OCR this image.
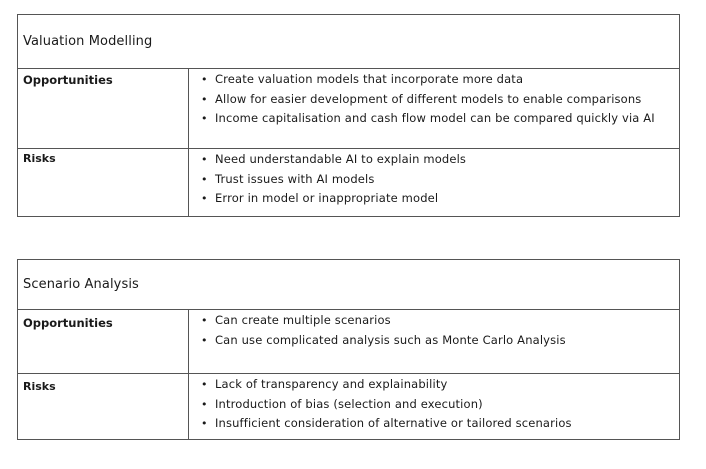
Valuation Modelling
Opportunities	• Create valuation models that incorporate more data
• Allow for easier development of different models to enable comparisons
• Income capitalisation and cash flow model can be compared quickly via AI
Risks	• Need understandable AI to explain models
• Trust issues with AI models
• Error in model or inappropriate model
Scenario Analysis
Opportunities	• Can create multiple scenarios
• Can use complicated analysis such as Monte Carlo Analysis
Risks	• Lack of transparency and explainability
• Introduction of bias (selection and execution)
• Insufficient consideration of alternative or tailored scenarios
